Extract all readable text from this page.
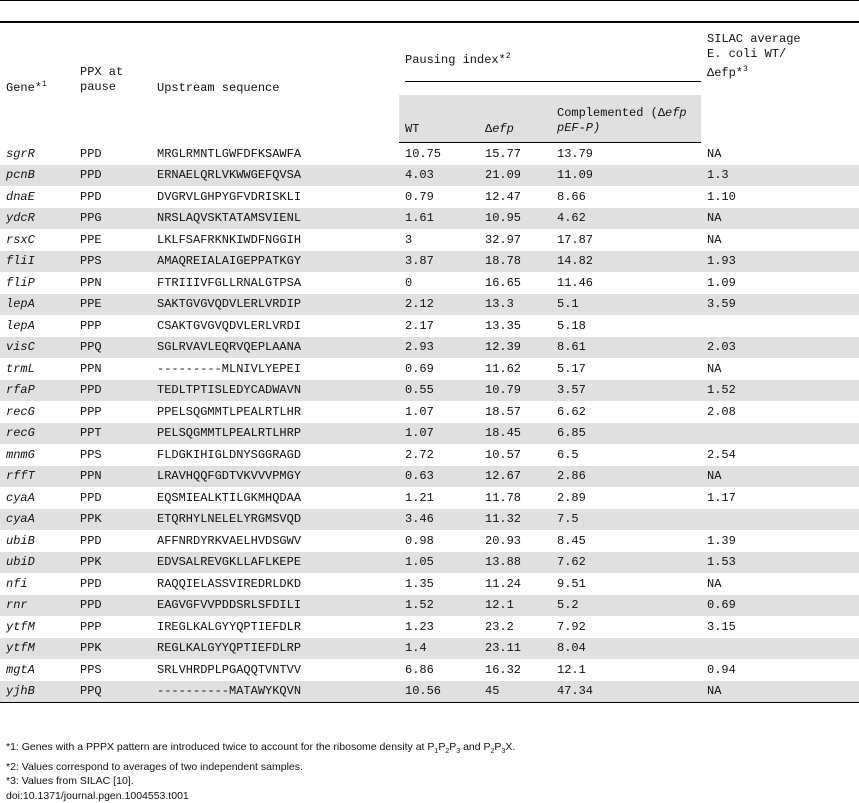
Gene*$^1$	PPX at pause	Upstream sequence	Pausing index*$^2$			SILAC average
E. coli WT/
Δefp*$^3$

			WT	Δefp	Complemented (Δefp
pEF-P)	

sgrR	PPD	MRGLRMNTLGWFDFKSAWFA	10.75	15.77	13.79	NA
pcnB	PPD	ERNAELQRLVKWWGEFQVSA	4.03	21.09	11.09	1.3
dnaE	PPD	DVGRVLGHPYGFVDRISKLI	0.79	12.47	8.66	1.10
ydcR	PPG	NRSLAQVSKTATAMSVIENL	1.61	10.95	4.62	NA
rsxC	PPE	LKLFSAFRKNKIWDFNGGIH	3	32.97	17.87	NA
fliI	PPS	AMAQREIALAIGEPPATKGY	3.87	18.78	14.82	1.93
fliP	PPN	FTRIIIVFGLLRNALGTPSA	0	16.65	11.46	1.09
lepA	PPE	SAKTGVGVQDVLERLVRDIP	2.12	13.3	5.1	3.59
lepA	PPP	CSAKTGVGVQDVLERLVRDI	2.17	13.35	5.18	
visC	PPQ	SGLRVAVLEQRVQEPLAANA	2.93	12.39	8.61	2.03
trmL	PPN	---------MLNIVLYEPEI	0.69	11.62	5.17	NA
rfaP	PPD	TEDLTPTISLEDYCADWAVN	0.55	10.79	3.57	1.52
recG	PPP	PPELSQGMMTLPEALRTLHR	1.07	18.57	6.62	2.08
recG	PPT	PELSQGMMTLPEALRTLHRP	1.07	18.45	6.85	
mnmG	PPS	FLDGKIHIGLDNYSGGRAGD	2.72	10.57	6.5	2.54
rffT	PPN	LRAVHQQFGDTVKVVVPMGY	0.63	12.67	2.86	NA
cyaA	PPD	EQSMIEALKTILGKMHQDAA	1.21	11.78	2.89	1.17
cyaA	PPK	ETQRHYLNELELYRGMSVQD	3.46	11.32	7.5	
ubiB	PPD	AFFNRDYRKVAELHVDSGWV	0.98	20.93	8.45	1.39
ubiD	PPK	EDVSALREVGKLLAFLKEPE	1.05	13.88	7.62	1.53
nfi	PPD	RAQQIELASSVIREDRLDKD	1.35	11.24	9.51	NA
rnr	PPD	EAGVGFVVPDDSRLSFDILI	1.52	12.1	5.2	0.69
ytfM	PPP	IREGLKALGYYQPTIEFDLR	1.23	23.2	7.92	3.15
ytfM	PPK	REGLKALGYYQPTIEFDLRP	1.4	23.11	8.04	
mgtA	PPS	SRLVHRDPLPGAQQTVNTVV	6.86	16.32	12.1	0.94
yjhB	PPQ	----------MATAWYKQVN	10.56	45	47.34	NA
*1: Genes with a PPPX pattern are introduced twice to account for the ribosome density at $P_1P_2P_3$ and $P_2P_3X$.
*2: Values correspond to averages of two independent samples.
*3: Values from SILAC [10].
doi:10.1371/journal.pgen.1004553.t001
